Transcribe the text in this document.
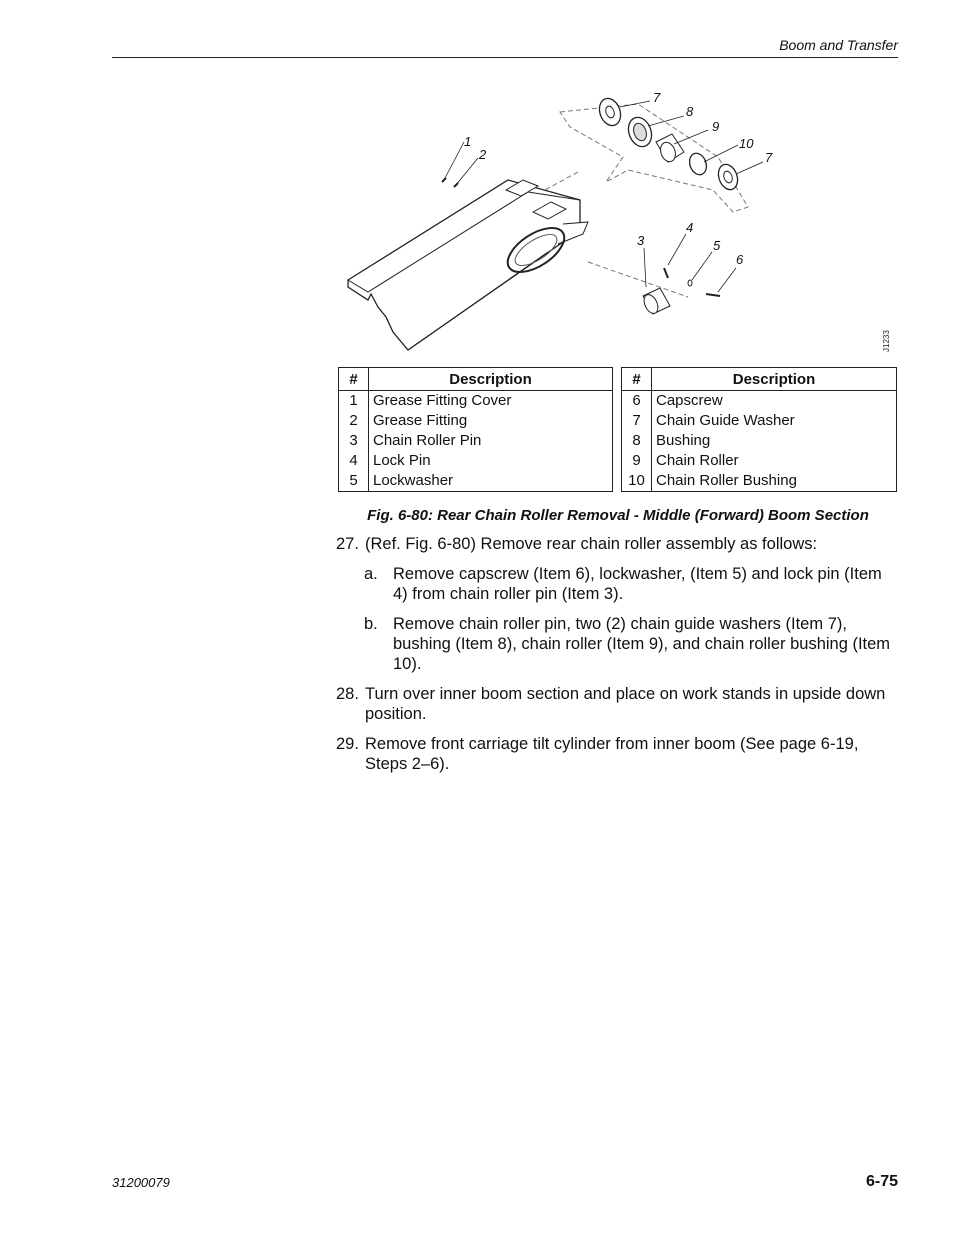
Boom and Transfer
1
2
3
4
5
6
7
8
9
10
7
J1233
#	Description
1	Grease Fitting Cover
2	Grease Fitting
3	Chain Roller Pin
4	Lock Pin
5	Lockwasher
#	Description
6	Capscrew
7	Chain Guide Washer
8	Bushing
9	Chain Roller
10	Chain Roller Bushing
Fig. 6-80: Rear Chain Roller Removal - Middle (Forward) Boom Section
27. (Ref. Fig. 6-80) Remove rear chain roller assembly as follows:
a. Remove capscrew (Item 6), lockwasher, (Item 5) and lock pin (Item 4) from chain roller pin (Item 3).
b. Remove chain roller pin, two (2) chain guide washers (Item 7), bushing (Item 8), chain roller (Item 9), and chain roller bushing (Item 10).
28. Turn over inner boom section and place on work stands in upside down position.
29. Remove front carriage tilt cylinder from inner boom (See page 6-19, Steps 2–6).
31200079	6-75
